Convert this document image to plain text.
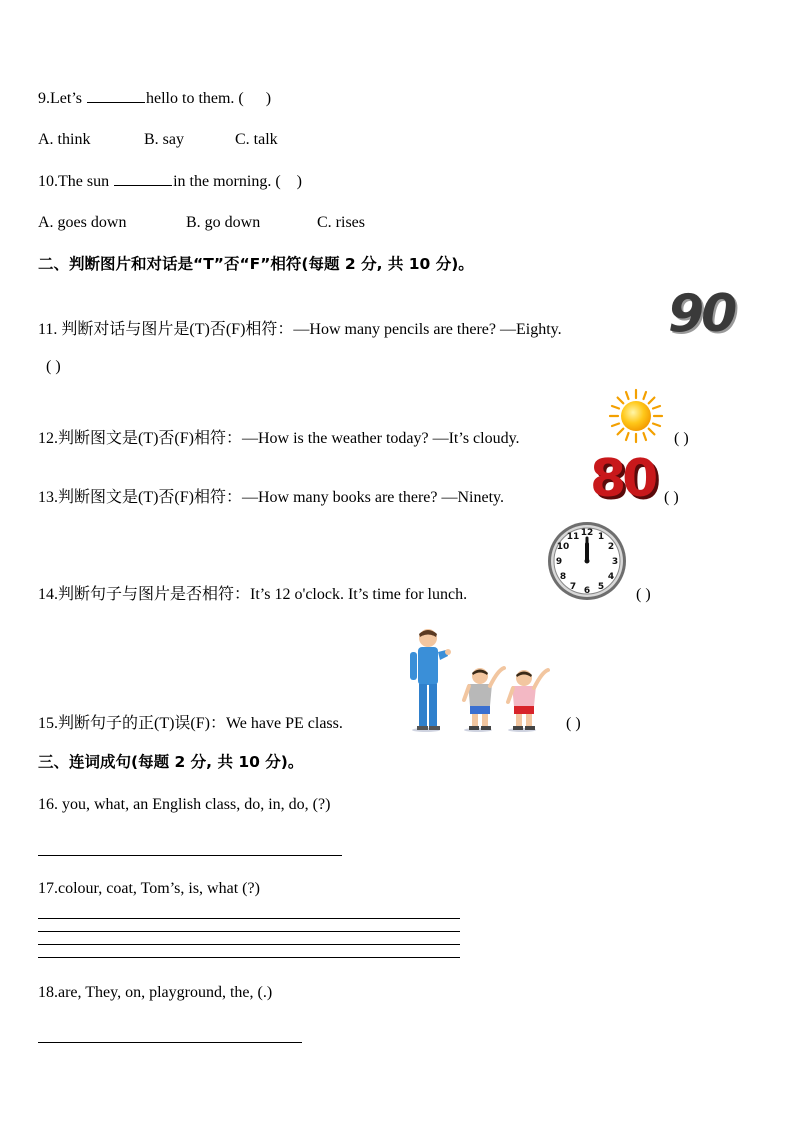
9.Let’s	hello to them. ( )
A. think	B. say	C. talk
10.The sun	in the morning. ( )
A. goes down	B. go down	C. rises
二、判断图片和对话是“T”否“F”相符(每题 2 分, 共 10 分)。
11. 判断对话与图片是(T)否(F)相符：—How many pencils are there? —Eighty.
( )
90
12.判断图文是(T)否(F)相符：—How is the weather today? —It’s cloudy.	( )
13.判断图文是(T)否(F)相符：—How many books are there? —Ninety. 80 ( )
14.判断句子与图片是否相符：It’s 12 o'clock. It’s time for lunch.
12 1
2
3
4
5
6
7
8
9
10
11
( )
15.判断句子的正(T)误(F)：We have PE class.	( )
三、连词成句(每题 2 分, 共 10 分)。
16. you, what, an English class, do, in, do, (?)
17.colour, coat, Tom’s, is, what (?)
18.are, They, on, playground, the, (.)
